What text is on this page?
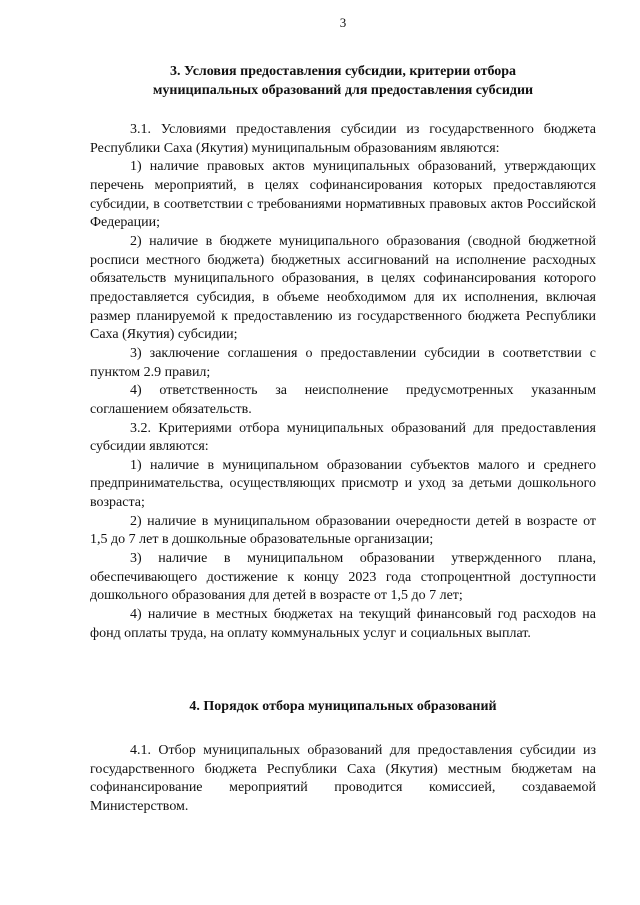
3
3. Условия предоставления субсидии, критерии отбора
муниципальных образований для предоставления субсидии

3.1. Условиями предоставления субсидии из государственного бюджета Республики Саха (Якутия) муниципальным образованиям являются:

1) наличие правовых актов муниципальных образований, утверждающих перечень мероприятий, в целях софинансирования которых предоставляются субсидии, в соответствии с требованиями нормативных правовых актов Российской Федерации;

2) наличие в бюджете муниципального образования (сводной бюджетной росписи местного бюджета) бюджетных ассигнований на исполнение расходных обязательств муниципального образования, в целях софинансирования которого предоставляется субсидия, в объеме необходимом для их исполнения, включая размер планируемой к предоставлению из государственного бюджета Республики Саха (Якутия) субсидии;

3) заключение соглашения о предоставлении субсидии в соответствии с пунктом 2.9 правил;

4) ответственность за неисполнение предусмотренных указанным соглашением обязательств.

3.2. Критериями отбора муниципальных образований для предоставления субсидии являются:

1) наличие в муниципальном образовании субъектов малого и среднего предпринимательства, осуществляющих присмотр и уход за детьми дошкольного возраста;

2) наличие в муниципальном образовании очередности детей в возрасте от 1,5 до 7 лет в дошкольные образовательные организации;

3) наличие в муниципальном образовании утвержденного плана, обеспечивающего достижение к концу 2023 года стопроцентной доступности дошкольного образования для детей в возрасте от 1,5 до 7 лет;

4) наличие в местных бюджетах на текущий финансовый год расходов на фонд оплаты труда, на оплату коммунальных услуг и социальных выплат.

4. Порядок отбора муниципальных образований

4.1. Отбор муниципальных образований для предоставления субсидии из государственного бюджета Республики Саха (Якутия) местным бюджетам на софинансирование мероприятий проводится комиссией, создаваемой Министерством.
